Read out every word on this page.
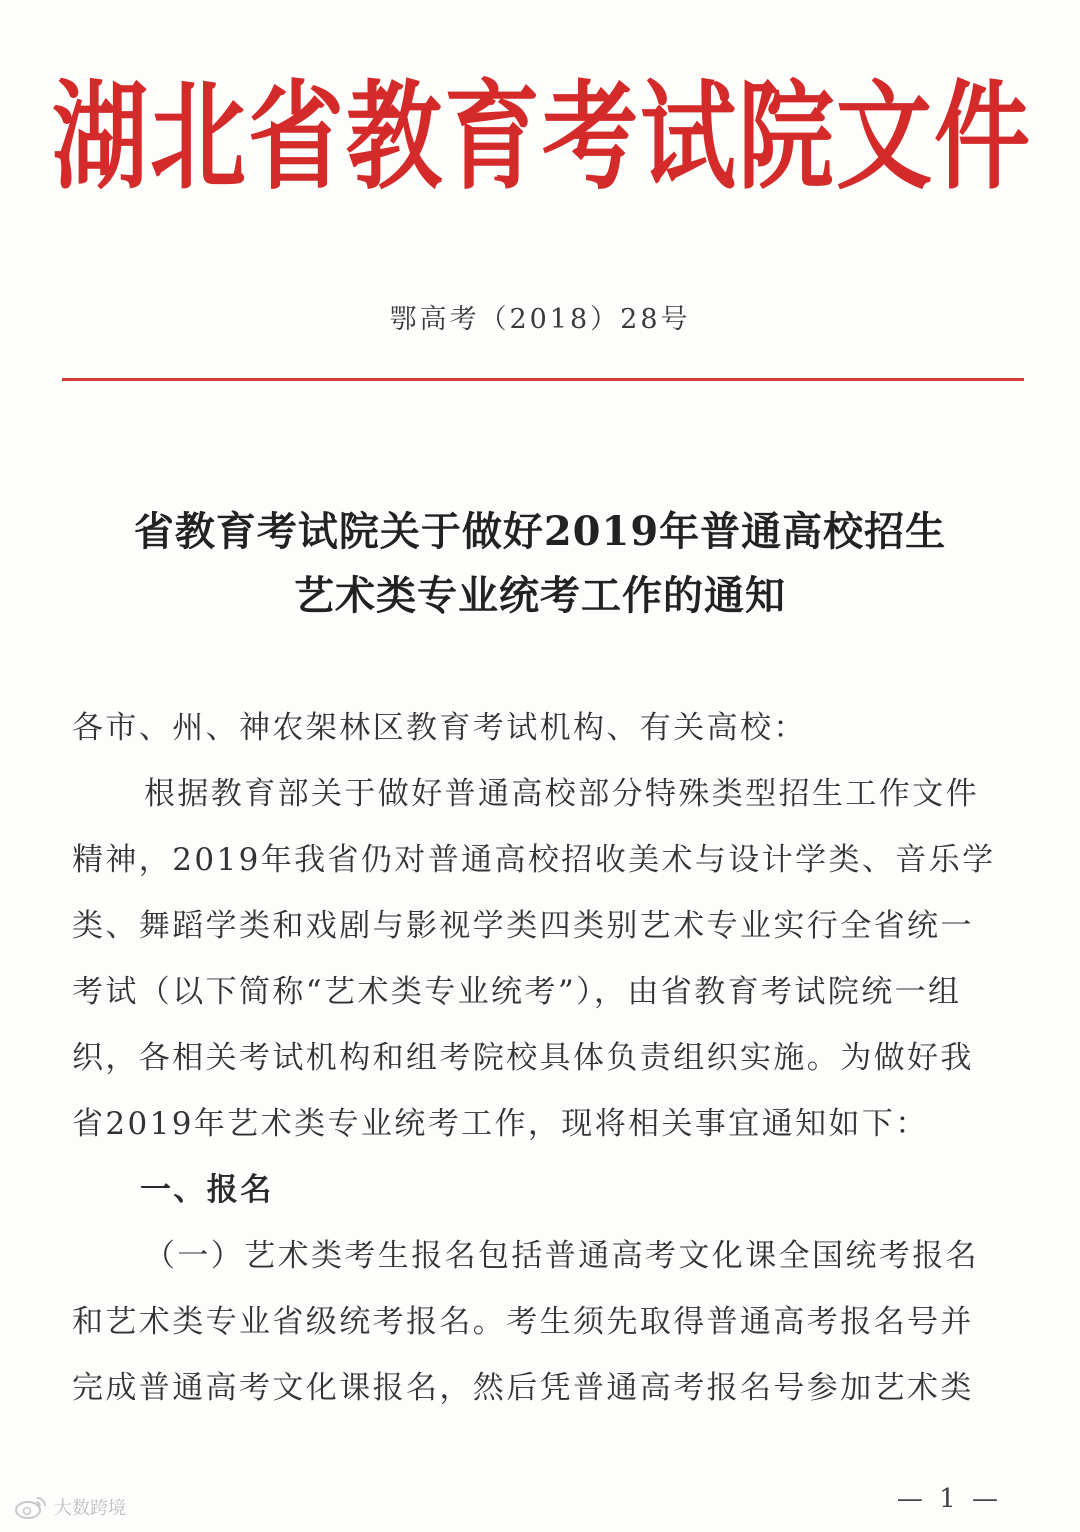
湖北省教育考试院文件
鄂高考（2018）28号
省教育考试院关于做好2019年普通高校招生
艺术类专业统考工作的通知
各市、州、神农架林区教育考试机构、有关高校：
根据教育部关于做好普通高校部分特殊类型招生工作文件
精神，2019年我省仍对普通高校招收美术与设计学类、音乐学
类、舞蹈学类和戏剧与影视学类四类别艺术专业实行全省统一
考试（以下简称“艺术类专业统考”），由省教育考试院统一组
织，各相关考试机构和组考院校具体负责组织实施。为做好我
省2019年艺术类专业统考工作，现将相关事宜通知如下：
一、报名
（一）艺术类考生报名包括普通高考文化课全国统考报名
和艺术类专业省级统考报名。考生须先取得普通高考报名号并
完成普通高考文化课报名，然后凭普通高考报名号参加艺术类
— 1 —
大数跨境
